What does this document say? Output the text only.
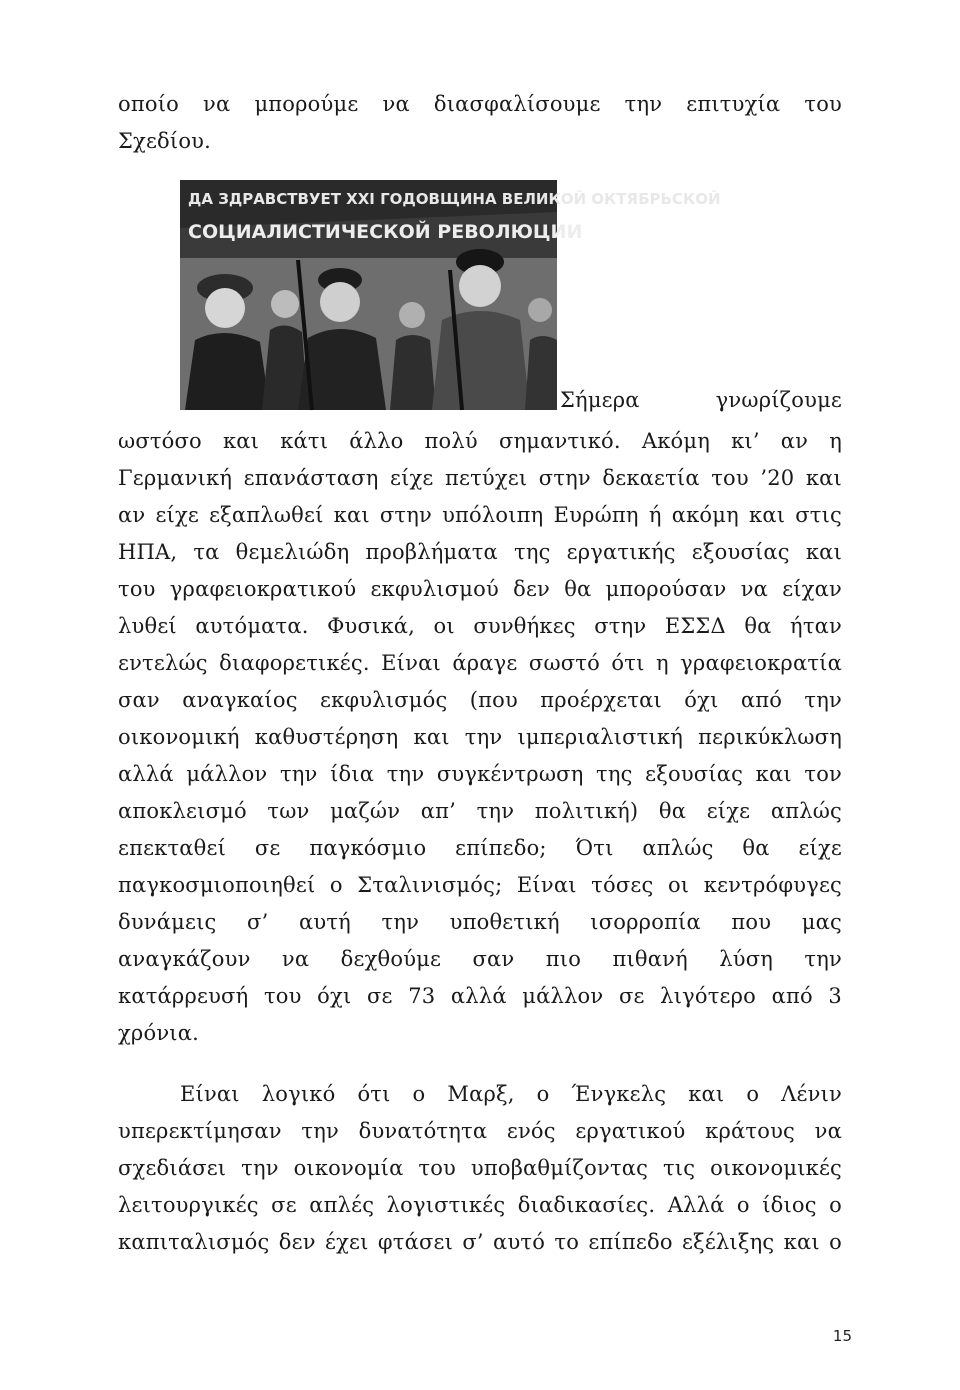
οποίο να μπορούμε να διασφαλίσουμε την επιτυχία του
Σχεδίου.
ДА ЗДРАВСТВУЕТ XXI ГОДОВЩИНА ВЕЛИКОЙ ОКТЯБРЬСКОЙ
СОЦИАЛИСТИЧЕСКОЙ РЕВОЛЮЦИИ
Σήμερα γνωρίζουμε
ωστόσο και κάτι άλλο πολύ σημαντικό. Ακόμη κι’ αν η
Γερμανική επανάσταση είχε πετύχει στην δεκαετία του ’20 και
αν είχε εξαπλωθεί και στην υπόλοιπη Ευρώπη ή ακόμη και στις
ΗΠΑ, τα θεμελιώδη προβλήματα της εργατικής εξουσίας και
του γραφειοκρατικού εκφυλισμού δεν θα μπορούσαν να είχαν
λυθεί αυτόματα. Φυσικά, οι συνθήκες στην ΕΣΣΔ θα ήταν
εντελώς διαφορετικές. Είναι άραγε σωστό ότι η γραφειοκρατία
σαν αναγκαίος εκφυλισμός (που προέρχεται όχι από την
οικονομική καθυστέρηση και την ιμπεριαλιστική περικύκλωση
αλλά μάλλον την ίδια την συγκέντρωση της εξουσίας και τον
αποκλεισμό των μαζών απ’ την πολιτική) θα είχε απλώς
επεκταθεί σε παγκόσμιο επίπεδο; Ότι απλώς θα είχε
παγκοσμιοποιηθεί ο Σταλινισμός; Είναι τόσες οι κεντρόφυγες
δυνάμεις σ’ αυτή την υποθετική ισορροπία που μας
αναγκάζουν να δεχθούμε σαν πιο πιθανή λύση την
κατάρρευσή του όχι σε 73 αλλά μάλλον σε λιγότερο από 3
χρόνια.
Είναι λογικό ότι ο Μαρξ, ο Ένγκελς και ο Λένιν
υπερεκτίμησαν την δυνατότητα ενός εργατικού κράτους να
σχεδιάσει την οικονομία του υποβαθμίζοντας τις οικονομικές
λειτουργικές σε απλές λογιστικές διαδικασίες. Αλλά ο ίδιος ο
καπιταλισμός δεν έχει φτάσει σ’ αυτό το επίπεδο εξέλιξης και ο
15
